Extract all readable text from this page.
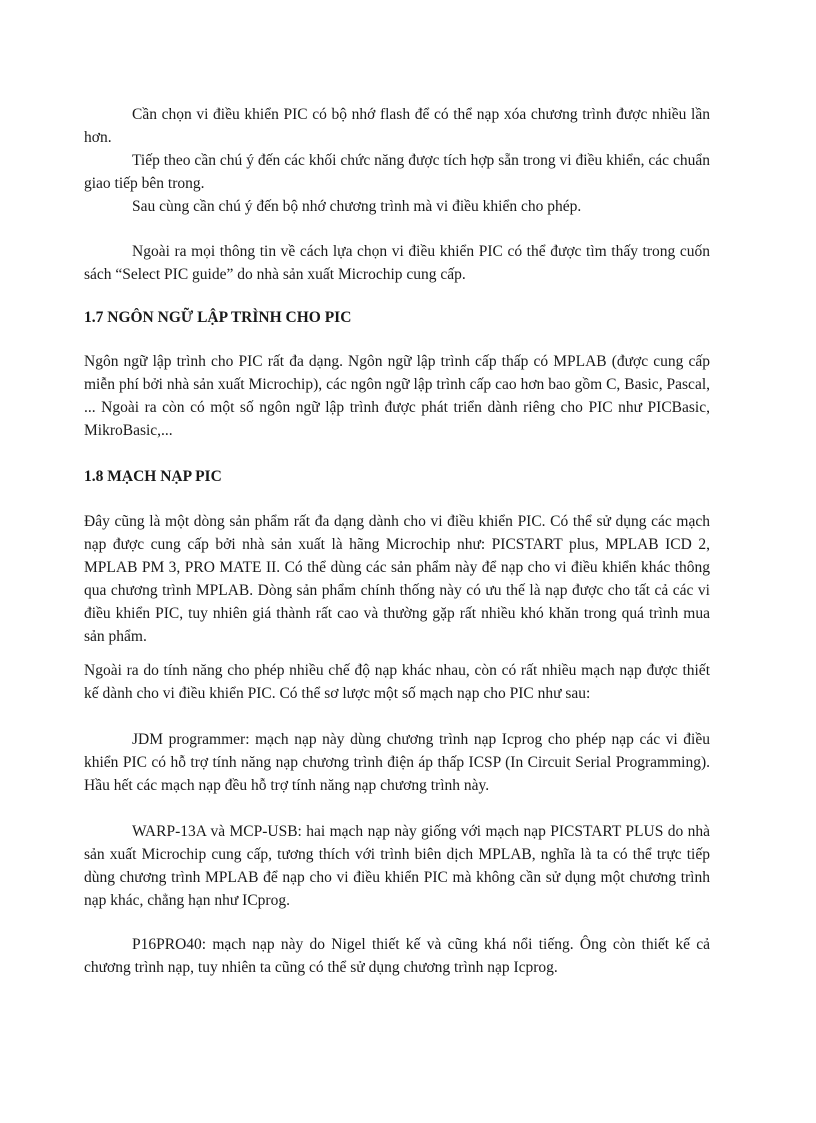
Cần chọn vi điều khiển PIC có bộ nhớ flash để có thể nạp xóa chương trình được nhiều lần hơn.

Tiếp theo cần chú ý đến các khối chức năng được tích hợp sẵn trong vi điều khiển, các chuẩn giao tiếp bên trong.

Sau cùng cần chú ý đến bộ nhớ chương trình mà vi điều khiển cho phép.

Ngoài ra mọi thông tin về cách lựa chọn vi điều khiển PIC có thể được tìm thấy trong cuốn sách “Select PIC guide” do nhà sản xuất Microchip cung cấp.

1.7 NGÔN NGỮ LẬP TRÌNH CHO PIC

Ngôn ngữ lập trình cho PIC rất đa dạng. Ngôn ngữ lập trình cấp thấp có MPLAB (được cung cấp miễn phí bởi nhà sản xuất Microchip), các ngôn ngữ lập trình cấp cao hơn bao gồm C, Basic, Pascal, ... Ngoài ra còn có một số ngôn ngữ lập trình được phát triển dành riêng cho PIC như PICBasic, MikroBasic,...

1.8 MẠCH NẠP PIC

Đây cũng là một dòng sản phẩm rất đa dạng dành cho vi điều khiển PIC. Có thể sử dụng các mạch nạp được cung cấp bởi nhà sản xuất là hãng Microchip như: PICSTART plus, MPLAB ICD 2, MPLAB PM 3, PRO MATE II. Có thể dùng các sản phẩm này để nạp cho vi điều khiển khác thông qua chương trình MPLAB. Dòng sản phẩm chính thống này có ưu thế là nạp được cho tất cả các vi điều khiển PIC, tuy nhiên giá thành rất cao và thường gặp rất nhiều khó khăn trong quá trình mua sản phẩm.

Ngoài ra do tính năng cho phép nhiều chế độ nạp khác nhau, còn có rất nhiều mạch nạp được thiết kế dành cho vi điều khiển PIC. Có thể sơ lược một số mạch nạp cho PIC như sau:

JDM programmer: mạch nạp này dùng chương trình nạp Icprog cho phép nạp các vi điều khiển PIC có hỗ trợ tính năng nạp chương trình điện áp thấp ICSP (In Circuit Serial Programming). Hầu hết các mạch nạp đều hỗ trợ tính năng nạp chương trình này.

WARP-13A và MCP-USB: hai mạch nạp này giống với mạch nạp PICSTART PLUS do nhà sản xuất Microchip cung cấp, tương thích với trình biên dịch MPLAB, nghĩa là ta có thể trực tiếp dùng chương trình MPLAB để nạp cho vi điều khiển PIC mà không cần sử dụng một chương trình nạp khác, chẳng hạn như ICprog.

P16PRO40: mạch nạp này do Nigel thiết kế và cũng khá nổi tiếng. Ông còn thiết kế cả chương trình nạp, tuy nhiên ta cũng có thể sử dụng chương trình nạp Icprog.
